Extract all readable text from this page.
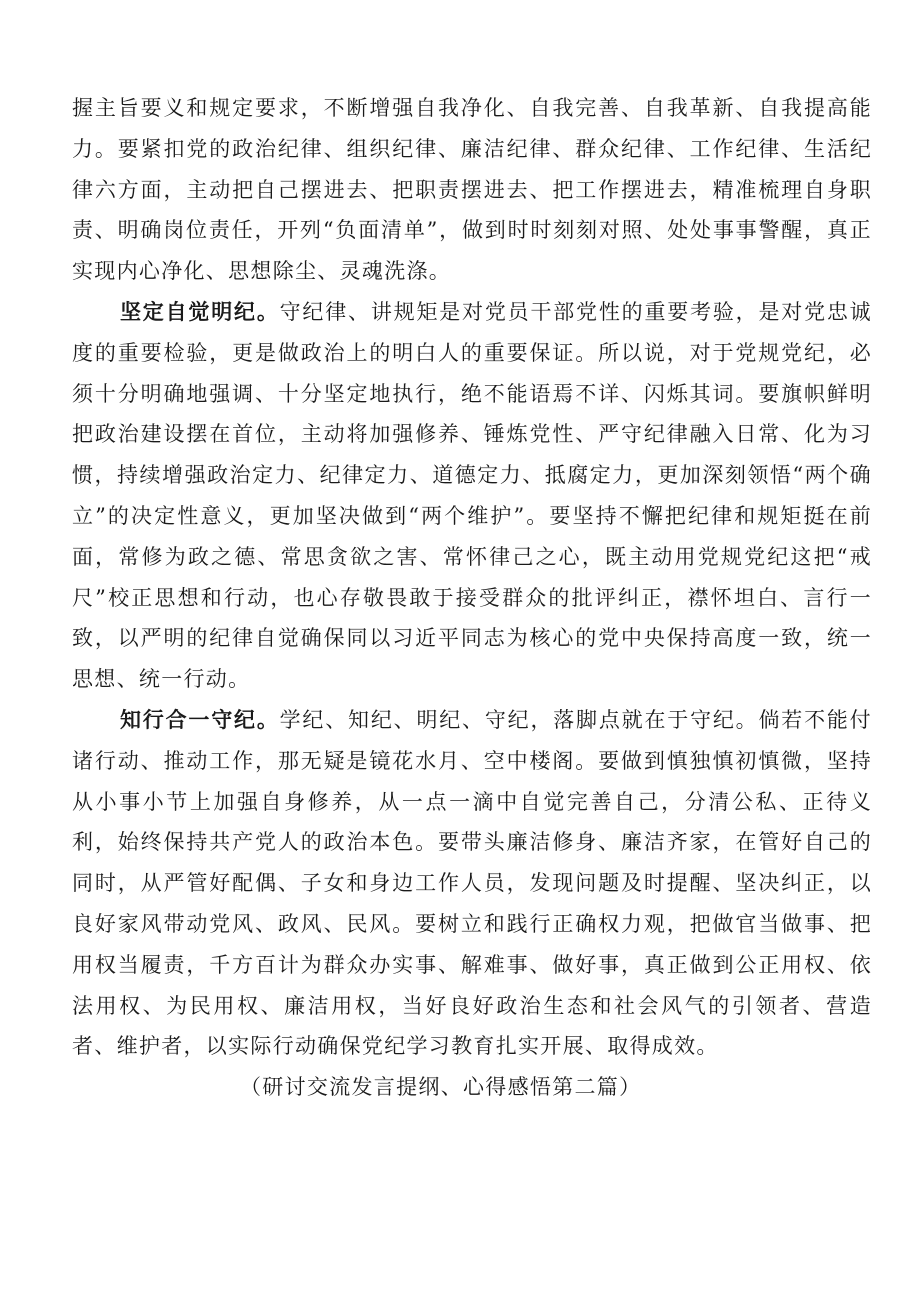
握主旨要义和规定要求，不断增强自我净化、自我完善、自我革新、自我提高能力。要紧扣党的政治纪律、组织纪律、廉洁纪律、群众纪律、工作纪律、生活纪律六方面，主动把自己摆进去、把职责摆进去、把工作摆进去，精准梳理自身职责、明确岗位责任，开列“负面清单”，做到时时刻刻对照、处处事事警醒，真正实现内心净化、思想除尘、灵魂洗涤。

坚定自觉明纪。守纪律、讲规矩是对党员干部党性的重要考验，是对党忠诚度的重要检验，更是做政治上的明白人的重要保证。所以说，对于党规党纪，必须十分明确地强调、十分坚定地执行，绝不能语焉不详、闪烁其词。要旗帜鲜明把政治建设摆在首位，主动将加强修养、锤炼党性、严守纪律融入日常、化为习惯，持续增强政治定力、纪律定力、道德定力、抵腐定力，更加深刻领悟“两个确立”的决定性意义，更加坚决做到“两个维护”。要坚持不懈把纪律和规矩挺在前面，常修为政之德、常思贪欲之害、常怀律己之心，既主动用党规党纪这把“戒尺”校正思想和行动，也心存敬畏敢于接受群众的批评纠正，襟怀坦白、言行一致，以严明的纪律自觉确保同以习近平同志为核心的党中央保持高度一致，统一思想、统一行动。

知行合一守纪。学纪、知纪、明纪、守纪，落脚点就在于守纪。倘若不能付诸行动、推动工作，那无疑是镜花水月、空中楼阁。要做到慎独慎初慎微，坚持从小事小节上加强自身修养，从一点一滴中自觉完善自己，分清公私、正待义利，始终保持共产党人的政治本色。要带头廉洁修身、廉洁齐家，在管好自己的同时，从严管好配偶、子女和身边工作人员，发现问题及时提醒、坚决纠正，以良好家风带动党风、政风、民风。要树立和践行正确权力观，把做官当做事、把用权当履责，千方百计为群众办实事、解难事、做好事，真正做到公正用权、依法用权、为民用权、廉洁用权，当好良好政治生态和社会风气的引领者、营造者、维护者，以实际行动确保党纪学习教育扎实开展、取得成效。

（研讨交流发言提纲、心得感悟第二篇）
